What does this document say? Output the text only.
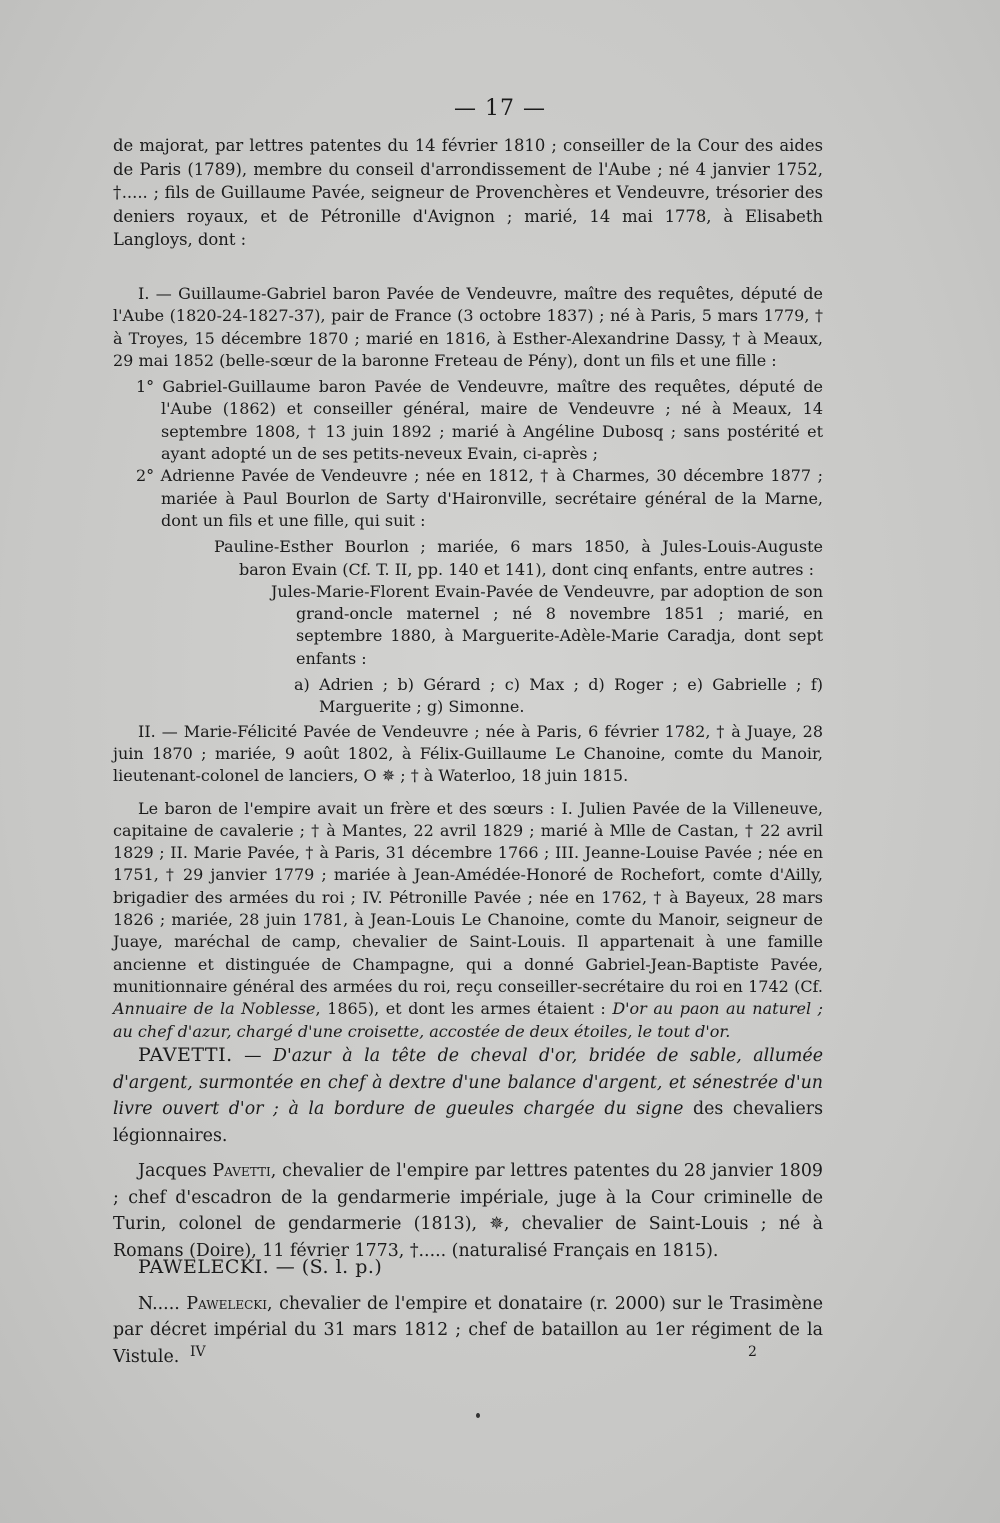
— 17 —

de majorat, par lettres patentes du 14 février 1810 ; conseiller de la Cour des aides de Paris (1789), membre du conseil d'arrondissement de l'Aube ; né 4 janvier 1752, †..... ; fils de Guillaume Pavée, seigneur de Provenchères et Vendeuvre, trésorier des deniers royaux, et de Pétronille d'Avignon ; marié, 14 mai 1778, à Elisabeth Langloys, dont :

I. — Guillaume-Gabriel baron Pavée de Vendeuvre, maître des requêtes, député de l'Aube (1820-24-1827-37), pair de France (3 octobre 1837) ; né à Paris, 5 mars 1779, † à Troyes, 15 décembre 1870 ; marié en 1816, à Esther-Alexandrine Dassy, † à Meaux, 29 mai 1852 (belle-sœur de la baronne Freteau de Pény), dont un fils et une fille :

1° Gabriel-Guillaume baron Pavée de Vendeuvre, maître des requêtes, député de l'Aube (1862) et conseiller général, maire de Vendeuvre ; né à Meaux, 14 septembre 1808, † 13 juin 1892 ; marié à Angéline Dubosq ; sans postérité et ayant adopté un de ses petits-neveux Evain, ci-après ;

2° Adrienne Pavée de Vendeuvre ; née en 1812, † à Charmes, 30 décembre 1877 ; mariée à Paul Bourlon de Sarty d'Haironville, secrétaire général de la Marne, dont un fils et une fille, qui suit :

Pauline-Esther Bourlon ; mariée, 6 mars 1850, à Jules-Louis-Auguste baron Evain (Cf. T. II, pp. 140 et 141), dont cinq enfants, entre autres :

Jules-Marie-Florent Evain-Pavée de Vendeuvre, par adoption de son grand-oncle maternel ; né 8 novembre 1851 ; marié, en septembre 1880, à Marguerite-Adèle-Marie Caradja, dont sept enfants :

a) Adrien ; b) Gérard ; c) Max ; d) Roger ; e) Gabrielle ; f) Marguerite ; g) Simonne.

II. — Marie-Félicité Pavée de Vendeuvre ; née à Paris, 6 février 1782, † à Juaye, 28 juin 1870 ; mariée, 9 août 1802, à Félix-Guillaume Le Chanoine, comte du Manoir, lieutenant-colonel de lanciers, O ✵ ; † à Waterloo, 18 juin 1815.

Le baron de l'empire avait un frère et des sœurs : I. Julien Pavée de la Villeneuve, capitaine de cavalerie ; † à Mantes, 22 avril 1829 ; marié à Mlle de Castan, † 22 avril 1829 ; II. Marie Pavée, † à Paris, 31 décembre 1766 ; III. Jeanne-Louise Pavée ; née en 1751, † 29 janvier 1779 ; mariée à Jean-Amédée-Honoré de Rochefort, comte d'Ailly, brigadier des armées du roi ; IV. Pétronille Pavée ; née en 1762, † à Bayeux, 28 mars 1826 ; mariée, 28 juin 1781, à Jean-Louis Le Chanoine, comte du Manoir, seigneur de Juaye, maréchal de camp, chevalier de Saint-Louis. Il appartenait à une famille ancienne et distinguée de Champagne, qui a donné Gabriel-Jean-Baptiste Pavée, munitionnaire général des armées du roi, reçu conseiller-secrétaire du roi en 1742 (Cf. Annuaire de la Noblesse, 1865), et dont les armes étaient : D'or au paon au naturel ; au chef d'azur, chargé d'une croisette, accostée de deux étoiles, le tout d'or.

PAVETTI. — D'azur à la tête de cheval d'or, bridée de sable, allumée d'argent, surmontée en chef à dextre d'une balance d'argent, et sénestrée d'un livre ouvert d'or ; à la bordure de gueules chargée du signe des chevaliers légionnaires.

Jacques Pavetti, chevalier de l'empire par lettres patentes du 28 janvier 1809 ; chef d'escadron de la gendarmerie impériale, juge à la Cour criminelle de Turin, colonel de gendarmerie (1813), ✵, chevalier de Saint-Louis ; né à Romans (Doire), 11 février 1773, †..... (naturalisé Français en 1815).

PAWELECKI. — (S. l. p.)

N..... Pawelecki, chevalier de l'empire et donataire (r. 2000) sur le Trasimène par décret impérial du 31 mars 1812 ; chef de bataillon au 1er régiment de la Vistule. IV	2
